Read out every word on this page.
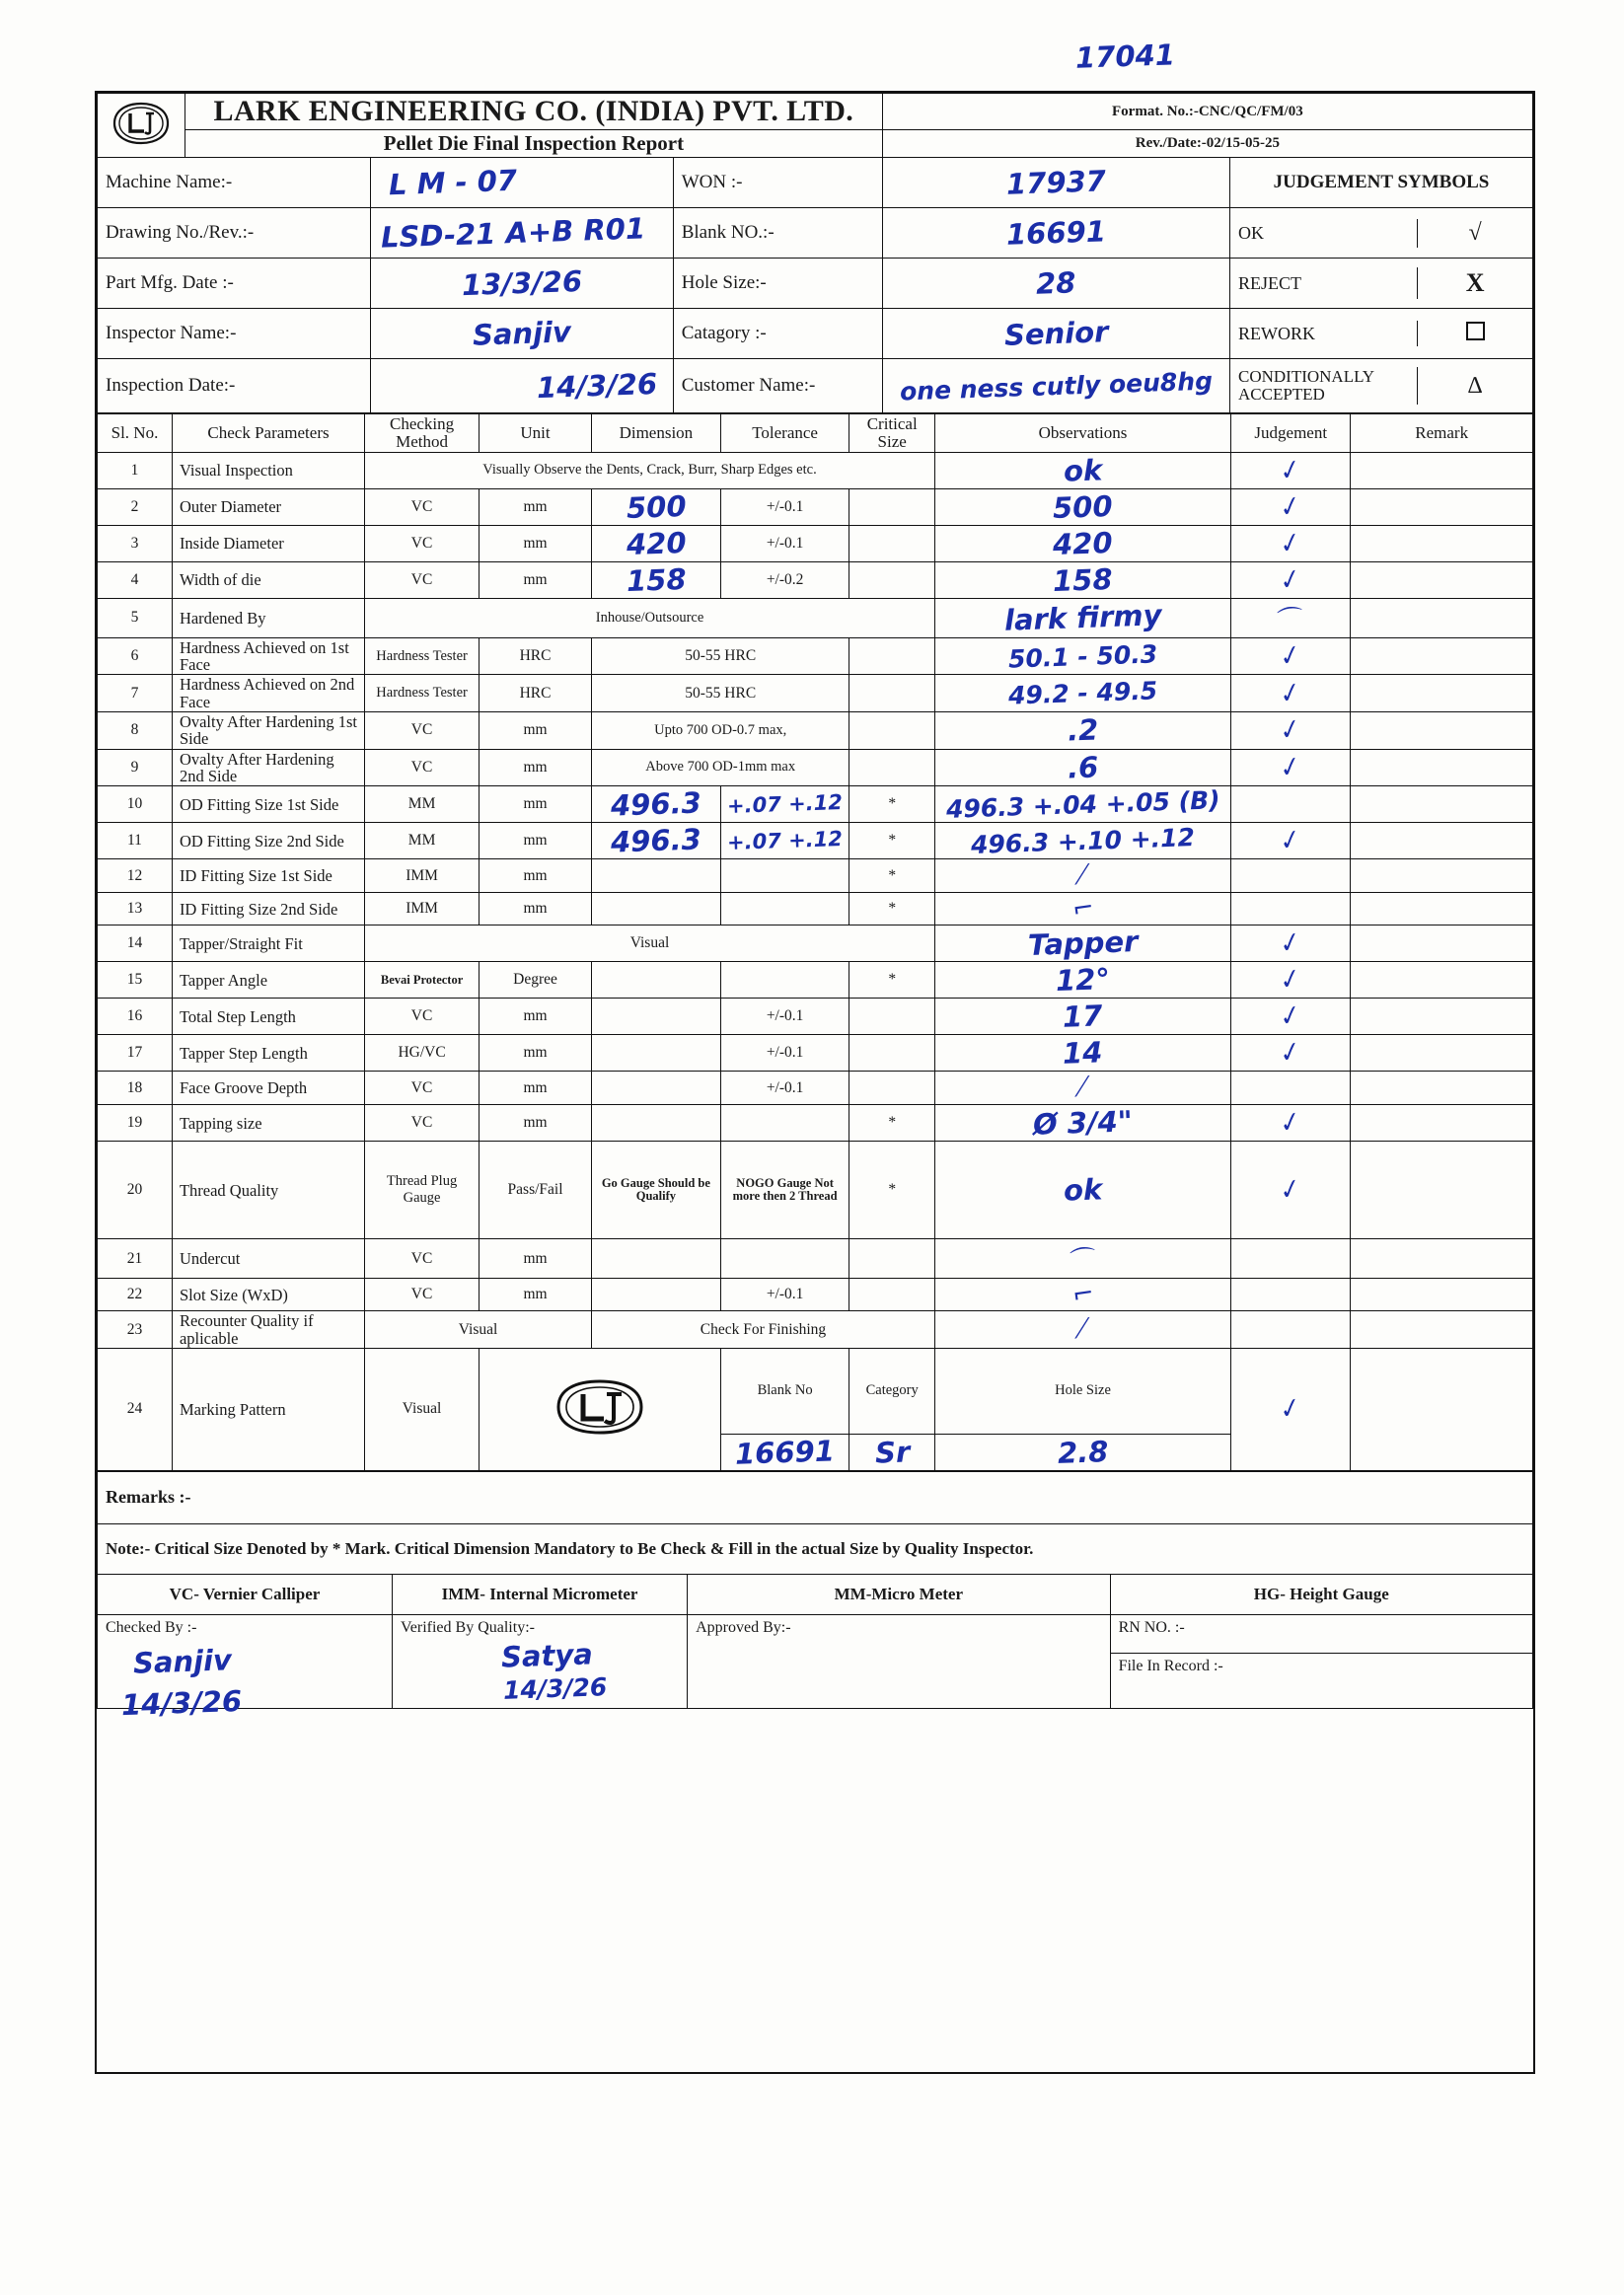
17041
	LARK ENGINEERING CO. (INDIA) PVT. LTD.	Format. No.:-CNC/QC/FM/03
Pellet Die Final Inspection Report	Rev./Date:-02/15-05-25
Machine Name:-	L M - 07	WON :-	17937	JUDGEMENT SYMBOLS
Drawing No./Rev.:-	LSD-21 A+B R01	Blank NO.:-	16691		OK	√

Part Mfg. Date :-	13/3/26	Hole Size:-	28		REJECT	X

Inspector Name:-	Sanjiv	Catagory :-	Senior		REWORK	

Inspection Date:-	14/3/26	Customer Name:-	one ness cutly oeu8hg	CONDITIONALLY ACCEPTED	∆
Sl. No.	Check Parameters	Checking Method	Unit	Dimension	Tolerance	Critical Size	Observations	Judgement	Remark
1	Visual Inspection	Visually Observe the Dents, Crack, Burr, Sharp Edges etc.					ok	✓	
2	Outer Diameter	VC	mm	500	+/-0.1		500	✓	
3	Inside Diameter	VC	mm	420	+/-0.1		420	✓	
4	Width of die	VC	mm	158	+/-0.2		158	✓	
5	Hardened By	Inhouse/Outsource					lark firmy	⌒	
6	Hardness Achieved on 1st Face	Hardness Tester	HRC	50-55 HRC			50.1 - 50.3	✓	
7	Hardness Achieved on 2nd Face	Hardness Tester	HRC	50-55 HRC			49.2 - 49.5	✓	
8	Ovalty After Hardening 1st Side	VC	mm	Upto 700 OD-0.7 max,			.2	✓	
9	Ovalty After Hardening 2nd Side	VC	mm	Above 700 OD-1mm max			.6	✓	
10	OD Fitting Size 1st Side	MM	mm	496.3	+.07 +.12	*	496.3 +.04 +.05 (B)		
11	OD Fitting Size 2nd Side	MM	mm	496.3	+.07 +.12	*	496.3 +.10 +.12	✓	
12	ID Fitting Size 1st Side	IMM	mm			*	⟋		
13	ID Fitting Size 2nd Side	IMM	mm			*	⌐		
14	Tapper/Straight Fit	Visual					Tapper	✓	
15	Tapper Angle	Bevai Protector	Degree			*	12°	✓	
16	Total Step Length	VC	mm		+/-0.1		17	✓	
17	Tapper Step Length	HG/VC	mm		+/-0.1		14	✓	
18	Face Groove Depth	VC	mm		+/-0.1		⟋		
19	Tapping size	VC	mm			*	Ø 3/4"	✓	
20	Thread Quality	Thread Plug Gauge	Pass/Fail	Go Gauge Should be Qualify	NOGO Gauge Not more then 2 Thread	*	ok	✓	
21	Undercut	VC	mm				⌒		
22	Slot Size (WxD)	VC	mm		+/-0.1		⌐		
23	Recounter Quality if aplicable	Visual		Check For Finishing			⟋		
24	Marking Pattern	Visual			Blank No	Category	Hole Size	✓	
					16691	Sr	2.8		
Remarks :-			
Note:- Critical Size Denoted by * Mark. Critical Dimension Mandatory to Be Check & Fill in the actual Size by Quality Inspector.			
VC- Vernier Calliper	IMM- Internal Micrometer	MM-Micro Meter	HG- Height Gauge
Checked By :-
Sanjiv
14/3/26
	Verified By Quality:-
Satya
14/3/26
	Approved By:-	RN NO. :-
File In Record :-
